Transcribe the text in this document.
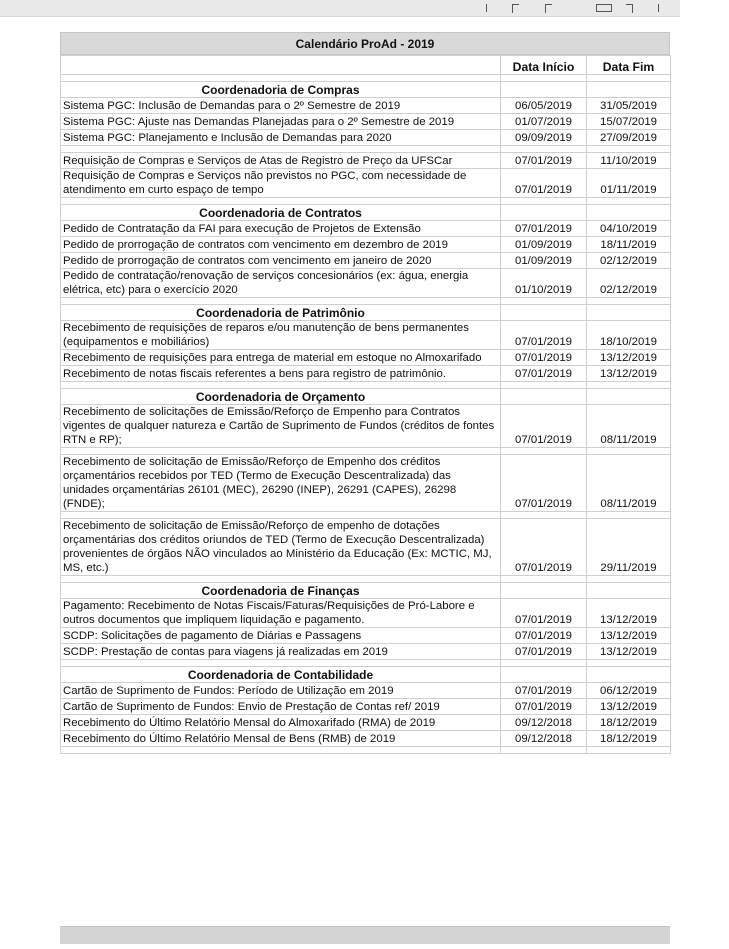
Calendário ProAd - 2019
	Data Início	Data Fim

Coordenadoria de Compras		
Sistema PGC: Inclusão de Demandas para o 2º Semestre de 2019	06/05/2019	31/05/2019
Sistema PGC: Ajuste nas Demandas Planejadas para o 2º Semestre de 2019	01/07/2019	15/07/2019
Sistema PGC: Planejamento e Inclusão de Demandas para 2020	09/09/2019	27/09/2019

Requisição de Compras e Serviços de Atas de Registro de Preço da UFSCar	07/01/2019	11/10/2019
Requisição de Compras e Serviços não previstos no PGC, com necessidade de atendimento em curto espaço de tempo	07/01/2019	01/11/2019

Coordenadoria de Contratos		
Pedido de Contratação da FAI para execução de Projetos de Extensão	07/01/2019	04/10/2019
Pedido de prorrogação de contratos com vencimento em dezembro de 2019	01/09/2019	18/11/2019
Pedido de prorrogação de contratos com vencimento em janeiro de 2020	01/09/2019	02/12/2019
Pedido de contratação/renovação de serviços concesionários (ex: água, energia elétrica, etc) para o exercício 2020	01/10/2019	02/12/2019

Coordenadoria de Patrimônio		
Recebimento de requisições de reparos e/ou manutenção de bens permanentes (equipamentos e mobiliários)	07/01/2019	18/10/2019
Recebimento de requisições para entrega de material em estoque no Almoxarifado	07/01/2019	13/12/2019
Recebimento de notas fiscais referentes a bens para registro de patrimônio.	07/01/2019	13/12/2019

Coordenadoria de Orçamento		
Recebimento de solicitações de Emissão/Reforço de Empenho para Contratos vigentes de qualquer natureza e Cartão de Suprimento de Fundos (créditos de fontes RTN e RP);	07/01/2019	08/11/2019

Recebimento de solicitação de Emissão/Reforço de Empenho dos créditos orçamentários recebidos por TED (Termo de Execução Descentralizada) das unidades orçamentárias 26101 (MEC), 26290 (INEP), 26291 (CAPES), 26298 (FNDE);	07/01/2019	08/11/2019

Recebimento de solicitação de Emissão/Reforço de empenho de dotações orçamentárias dos créditos oriundos de TED (Termo de Execução Descentralizada) provenientes de órgãos NÃO vinculados ao Ministério da Educação (Ex: MCTIC, MJ, MS, etc.)	07/01/2019	29/11/2019

Coordenadoria de Finanças		
Pagamento: Recebimento de Notas Fiscais/Faturas/Requisições de Pró-Labore e outros documentos que impliquem liquidação e pagamento.	07/01/2019	13/12/2019
SCDP: Solicitações de pagamento de Diárias e Passagens	07/01/2019	13/12/2019
SCDP: Prestação de contas para viagens já realizadas em 2019	07/01/2019	13/12/2019

Coordenadoria de Contabilidade		
Cartão de Suprimento de Fundos: Período de Utilização em 2019	07/01/2019	06/12/2019
Cartão de Suprimento de Fundos: Envio de Prestação de Contas ref/ 2019	07/01/2019	13/12/2019
Recebimento do Último Relatório Mensal do Almoxarifado (RMA) de 2019	09/12/2018	18/12/2019
Recebimento do Último Relatório Mensal de Bens (RMB) de 2019	09/12/2018	18/12/2019
